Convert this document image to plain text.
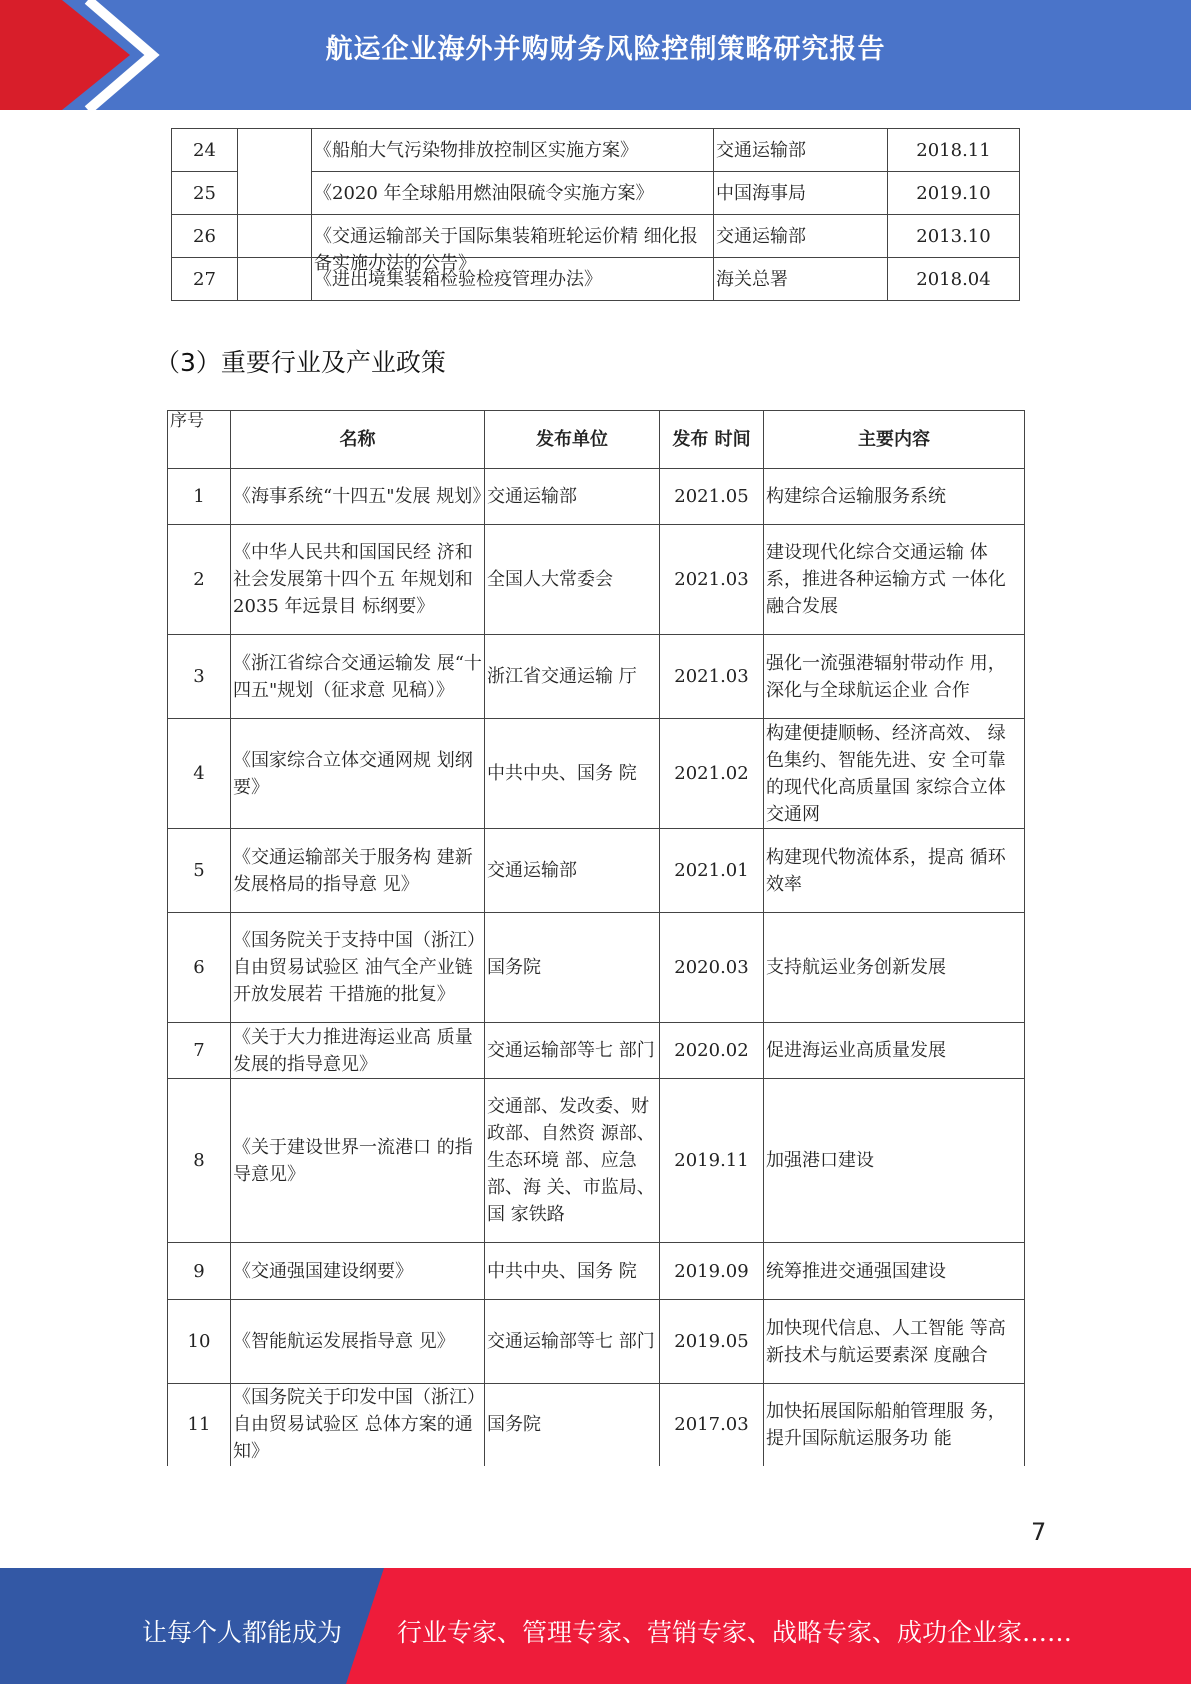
航运企业海外并购财务风险控制策略研究报告
24		《船舶大气污染物排放控制区实施方案》	交通运输部	2018.11
25		《2020 年全球船用燃油限硫令实施方案》	中国海事局	2019.10
26		《交通运输部关于国际集装箱班轮运价精 细化报备实施办法的公告》	交通运输部	2013.10
27		《进出境集装箱检验检疫管理办法》	海关总署	2018.04
（3）重要行业及产业政策
序号	名称	发布单位	发布 时间	主要内容
1	《海事系统“十四五"发展 规划》	交通运输部	2021.05	构建综合运输服务系统
2	《中华人民共和国国民经 济和社会发展第十四个五 年规划和 2035 年远景目 标纲要》	全国人大常委会	2021.03	建设现代化综合交通运输 体系，推进各种运输方式 一体化融合发展
3	《浙江省综合交通运输发 展“十四五"规划（征求意 见稿）》	浙江省交通运输 厅	2021.03	强化一流强港辐射带动作 用，深化与全球航运企业 合作
4	《国家综合立体交通网规 划纲要》	中共中央、国务 院	2021.02	构建便捷顺畅、经济高效、 绿色集约、智能先进、安 全可靠的现代化高质量国 家综合立体交通网
5	《交通运输部关于服务构 建新发展格局的指导意 见》	交通运输部	2021.01	构建现代物流体系，提高 循环效率
6	《国务院关于支持中国（浙江）自由贸易试验区 油气全产业链开放发展若 干措施的批复》	国务院	2020.03	支持航运业务创新发展
7	《关于大力推进海运业高 质量发展的指导意见》	交通运输部等七 部门	2020.02	促进海运业高质量发展
8	《关于建设世界一流港口 的指导意见》	交通部、发改委、财政部、自然资 源部、生态环境 部、应急部、海 关、市监局、国 家铁路	2019.11	加强港口建设
9	《交通强国建设纲要》	中共中央、国务 院	2019.09	统筹推进交通强国建设
10	《智能航运发展指导意 见》	交通运输部等七 部门	2019.05	加快现代信息、人工智能 等高新技术与航运要素深 度融合
11	《国务院关于印发中国（浙江）自由贸易试验区 总体方案的通知》	国务院	2017.03	加快拓展国际船舶管理服 务，提升国际航运服务功 能
7
让每个人都能成为 行业专家、管理专家、营销专家、战略专家、成功企业家……
